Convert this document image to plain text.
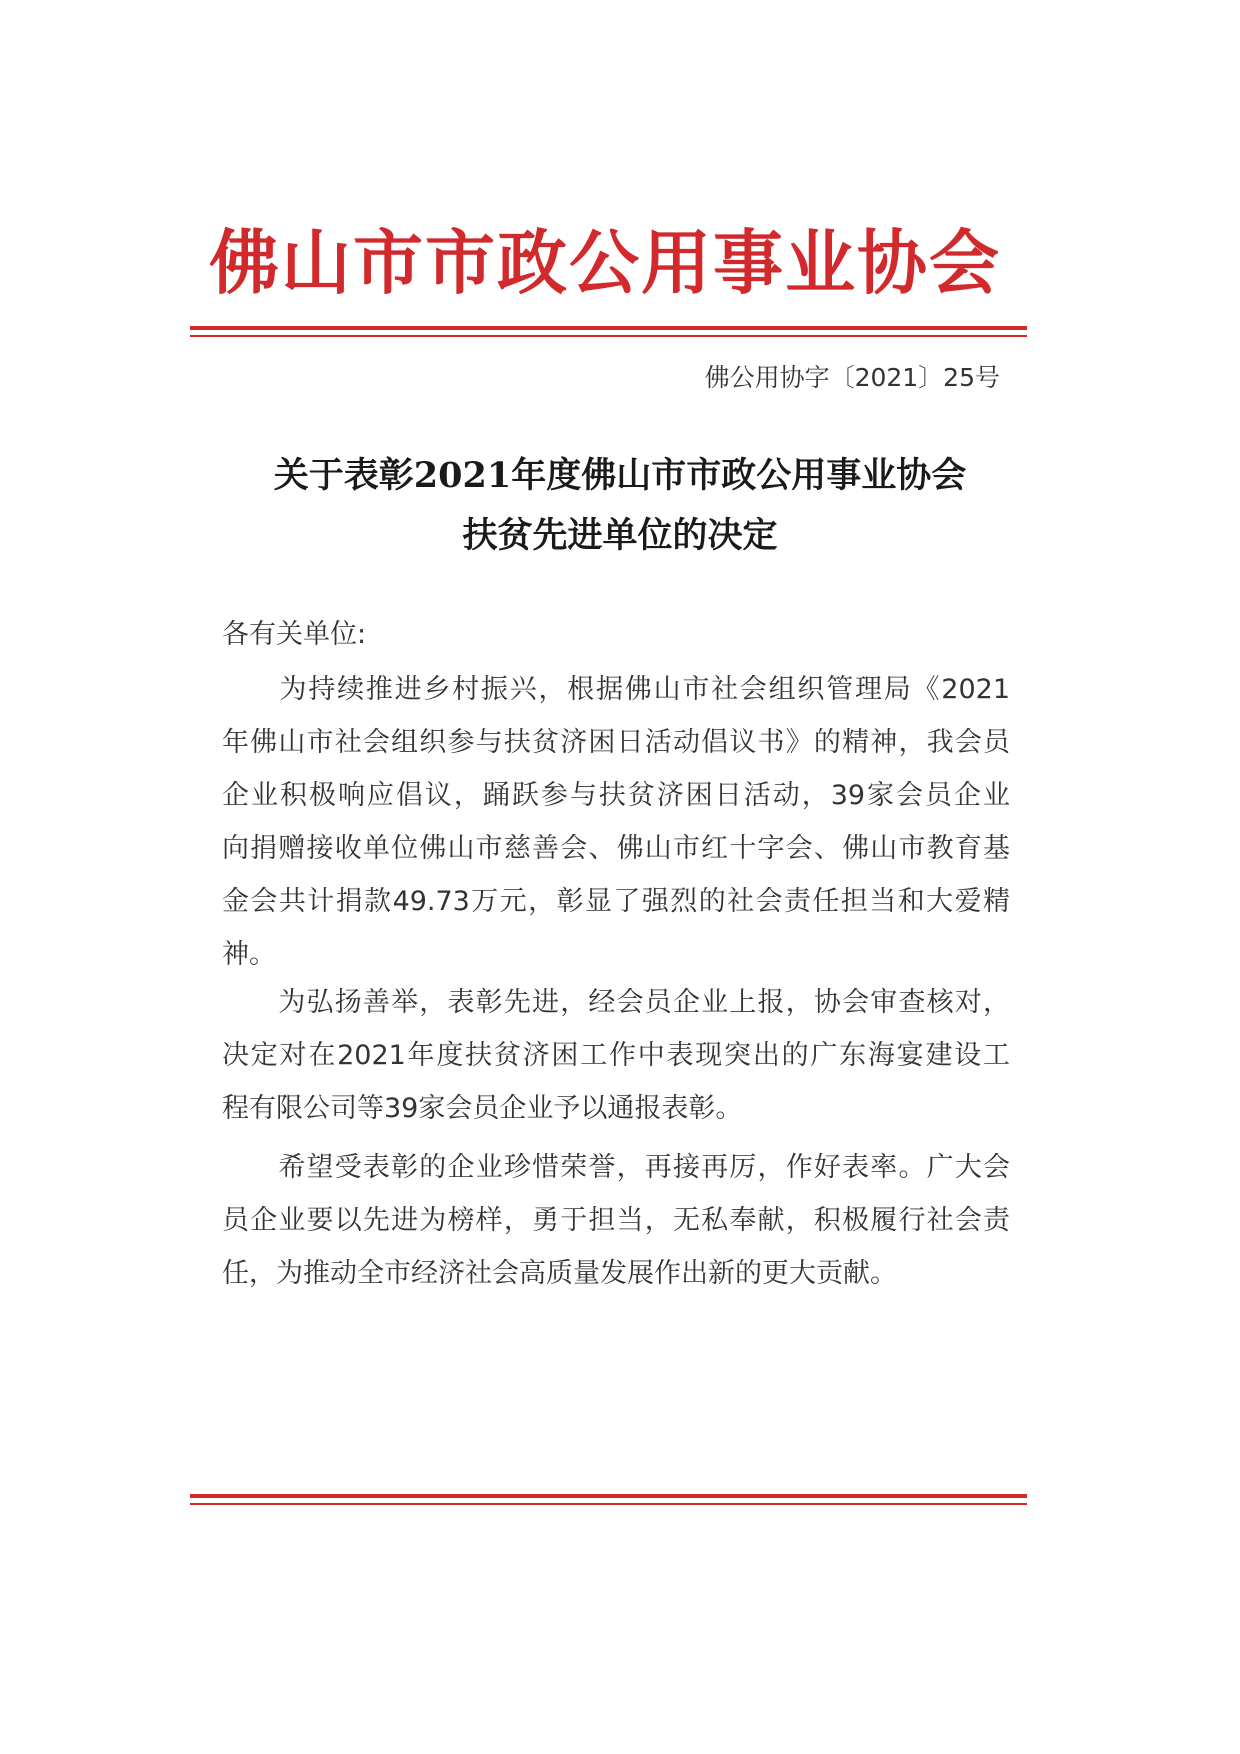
佛山市市政公用事业协会
佛公用协字〔2021〕25号
关于表彰2021年度佛山市市政公用事业协会
扶贫先进单位的决定
各有关单位:
　　为持续推进乡村振兴，根据佛山市社会组织管理局《2021
年佛山市社会组织参与扶贫济困日活动倡议书》的精神，我会员
企业积极响应倡议，踊跃参与扶贫济困日活动，39家会员企业
向捐赠接收单位佛山市慈善会、佛山市红十字会、佛山市教育基
金会共计捐款49.73万元，彰显了强烈的社会责任担当和大爱精
神。
　　为弘扬善举，表彰先进，经会员企业上报，协会审查核对，
决定对在2021年度扶贫济困工作中表现突出的广东海宴建设工
程有限公司等39家会员企业予以通报表彰。
　　希望受表彰的企业珍惜荣誉，再接再厉，作好表率。广大会
员企业要以先进为榜样，勇于担当，无私奉献，积极履行社会责
任，为推动全市经济社会高质量发展作出新的更大贡献。
